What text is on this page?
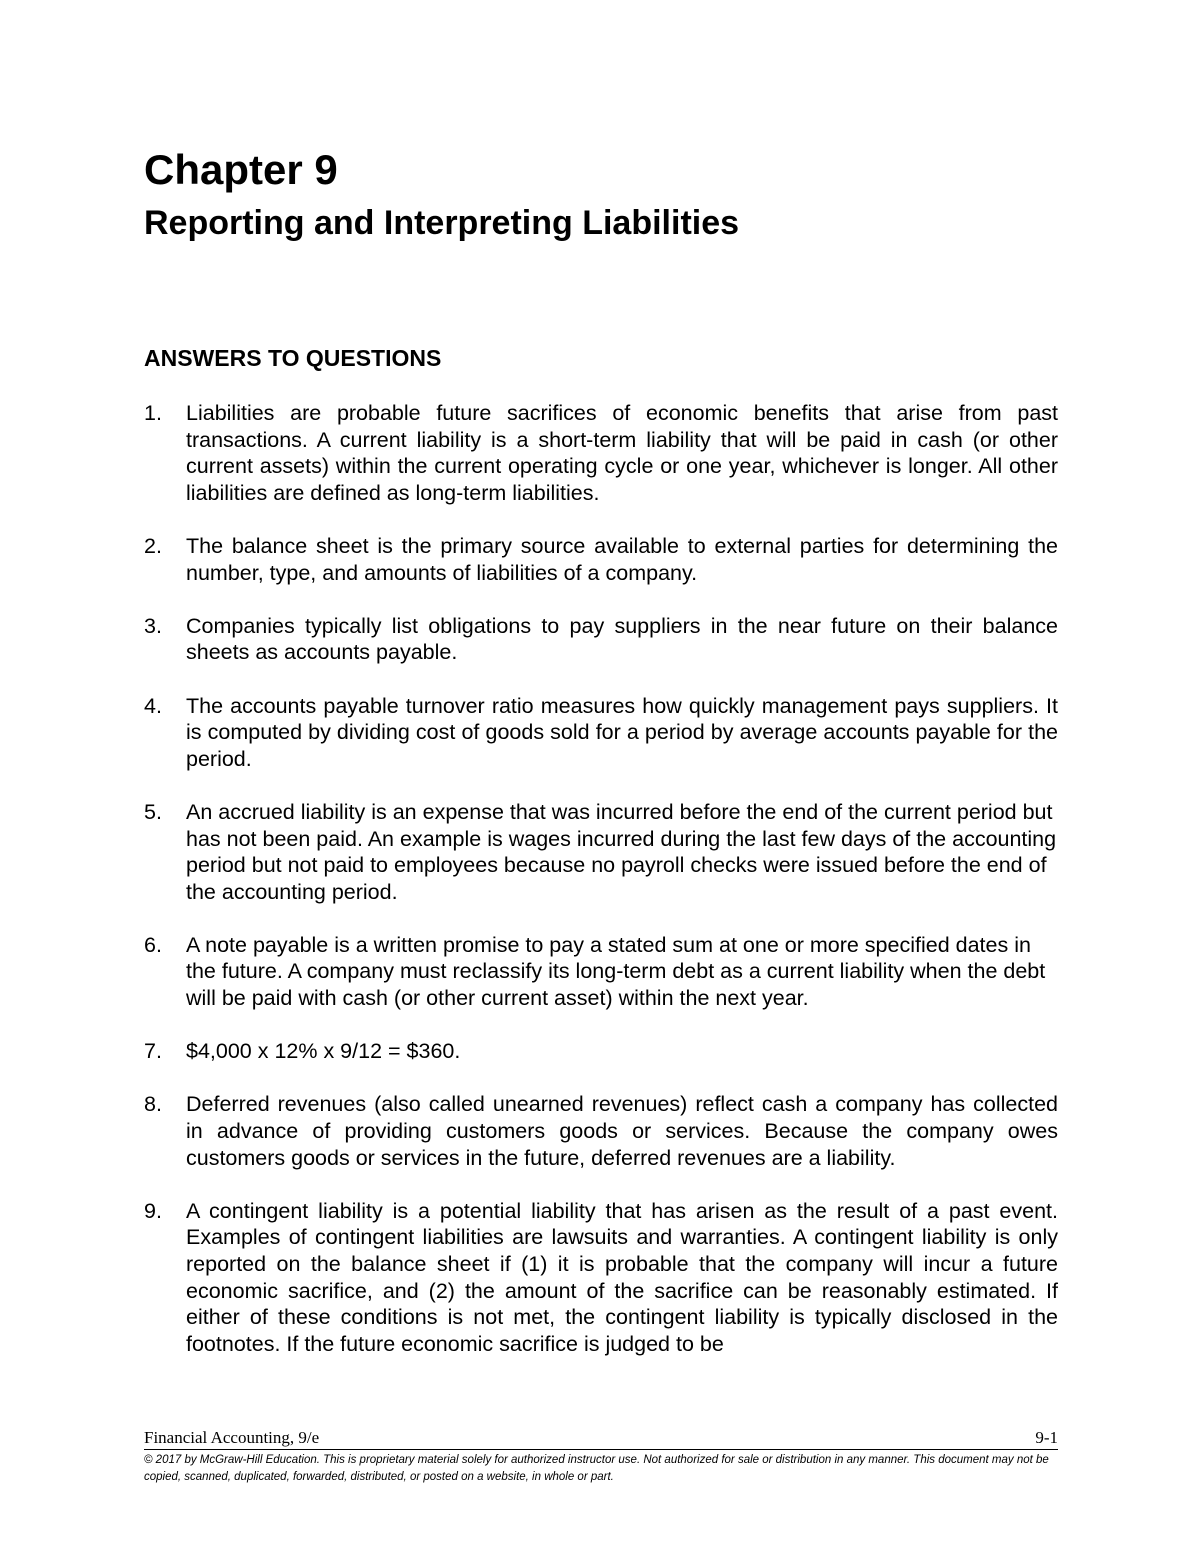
Chapter 9
Reporting and Interpreting Liabilities
ANSWERS TO QUESTIONS
1.	Liabilities are probable future sacrifices of economic benefits that arise from past transactions. A current liability is a short-term liability that will be paid in cash (or other current assets) within the current operating cycle or one year, whichever is longer. All other liabilities are defined as long-term liabilities.
2.	The balance sheet is the primary source available to external parties for determining the number, type, and amounts of liabilities of a company.
3.	Companies typically list obligations to pay suppliers in the near future on their balance sheets as accounts payable.
4.	The accounts payable turnover ratio measures how quickly management pays suppliers. It is computed by dividing cost of goods sold for a period by average accounts payable for the period.
5.	An accrued liability is an expense that was incurred before the end of the current period but has not been paid. An example is wages incurred during the last few days of the accounting period but not paid to employees because no payroll checks were issued before the end of the accounting period.
6.	A note payable is a written promise to pay a stated sum at one or more specified dates in the future. A company must reclassify its long-term debt as a current liability when the debt will be paid with cash (or other current asset) within the next year.
7.	$4,000 x 12% x 9/12 = $360.
8.	Deferred revenues (also called unearned revenues) reflect cash a company has collected in advance of providing customers goods or services. Because the company owes customers goods or services in the future, deferred revenues are a liability.
9.	A contingent liability is a potential liability that has arisen as the result of a past event. Examples of contingent liabilities are lawsuits and warranties. A contingent liability is only reported on the balance sheet if (1) it is probable that the company will incur a future economic sacrifice, and (2) the amount of the sacrifice can be reasonably estimated. If either of these conditions is not met, the contingent liability is typically disclosed in the footnotes. If the future economic sacrifice is judged to be
Financial Accounting, 9/e	9-1
© 2017 by McGraw-Hill Education. This is proprietary material solely for authorized instructor use. Not authorized for sale or distribution in any manner. This document may not be copied, scanned, duplicated, forwarded, distributed, or posted on a website, in whole or part.
